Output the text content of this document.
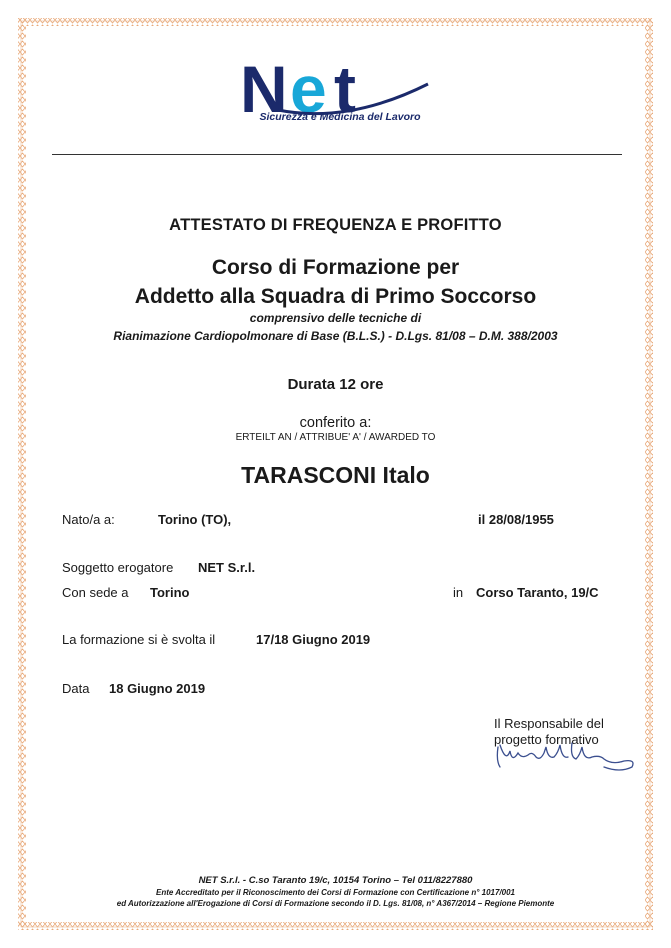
N e t
Sicurezza e Medicina del Lavoro
ATTESTATO DI FREQUENZA E PROFITTO
Corso di Formazione per
Addetto alla Squadra di Primo Soccorso
comprensivo delle tecniche di
Rianimazione Cardiopolmonare di Base (B.L.S.) - D.Lgs. 81/08 – D.M. 388/2003
Durata 12 ore
conferito a:
ERTEILT AN / ATTRIBUE' A' / AWARDED TO
TARASCONI Italo
Nato/a a:	Torino (TO),	il 28/08/1955
Soggetto erogatore NET S.r.l.
Con sede a Torino	in Corso Taranto, 19/C
La formazione si è svolta il	17/18 Giugno 2019
Data 18 Giugno 2019
Il Responsabile del
progetto formativo
NET S.r.l. - C.so Taranto 19/c, 10154 Torino – Tel 011/8227880
Ente Accreditato per il Riconoscimento dei Corsi di Formazione con Certificazione n° 1017/001
ed Autorizzazione all'Erogazione di Corsi di Formazione secondo il D. Lgs. 81/08, n° A367/2014 – Regione Piemonte
